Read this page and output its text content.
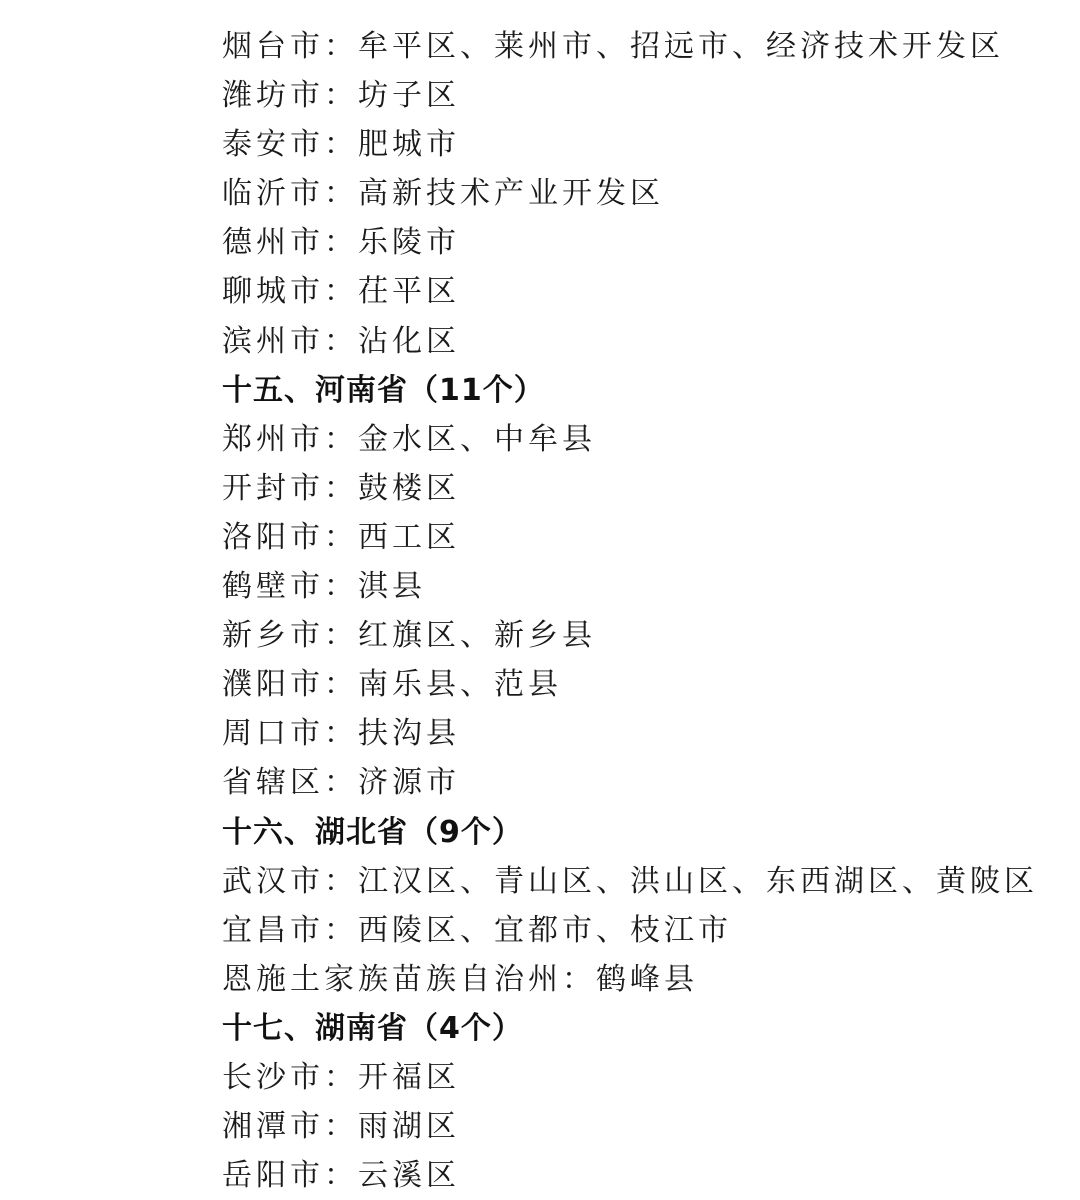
烟台市：牟平区、莱州市、招远市、经济技术开发区
潍坊市：坊子区
泰安市：肥城市
临沂市：高新技术产业开发区
德州市：乐陵市
聊城市：茌平区
滨州市：沾化区
十五、河南省（11个）
郑州市：金水区、中牟县
开封市：鼓楼区
洛阳市：西工区
鹤壁市：淇县
新乡市：红旗区、新乡县
濮阳市：南乐县、范县
周口市：扶沟县
省辖区：济源市
十六、湖北省（9个）
武汉市：江汉区、青山区、洪山区、东西湖区、黄陂区
宜昌市：西陵区、宜都市、枝江市
恩施土家族苗族自治州：鹤峰县
十七、湖南省（4个）
长沙市：开福区
湘潭市：雨湖区
岳阳市：云溪区
